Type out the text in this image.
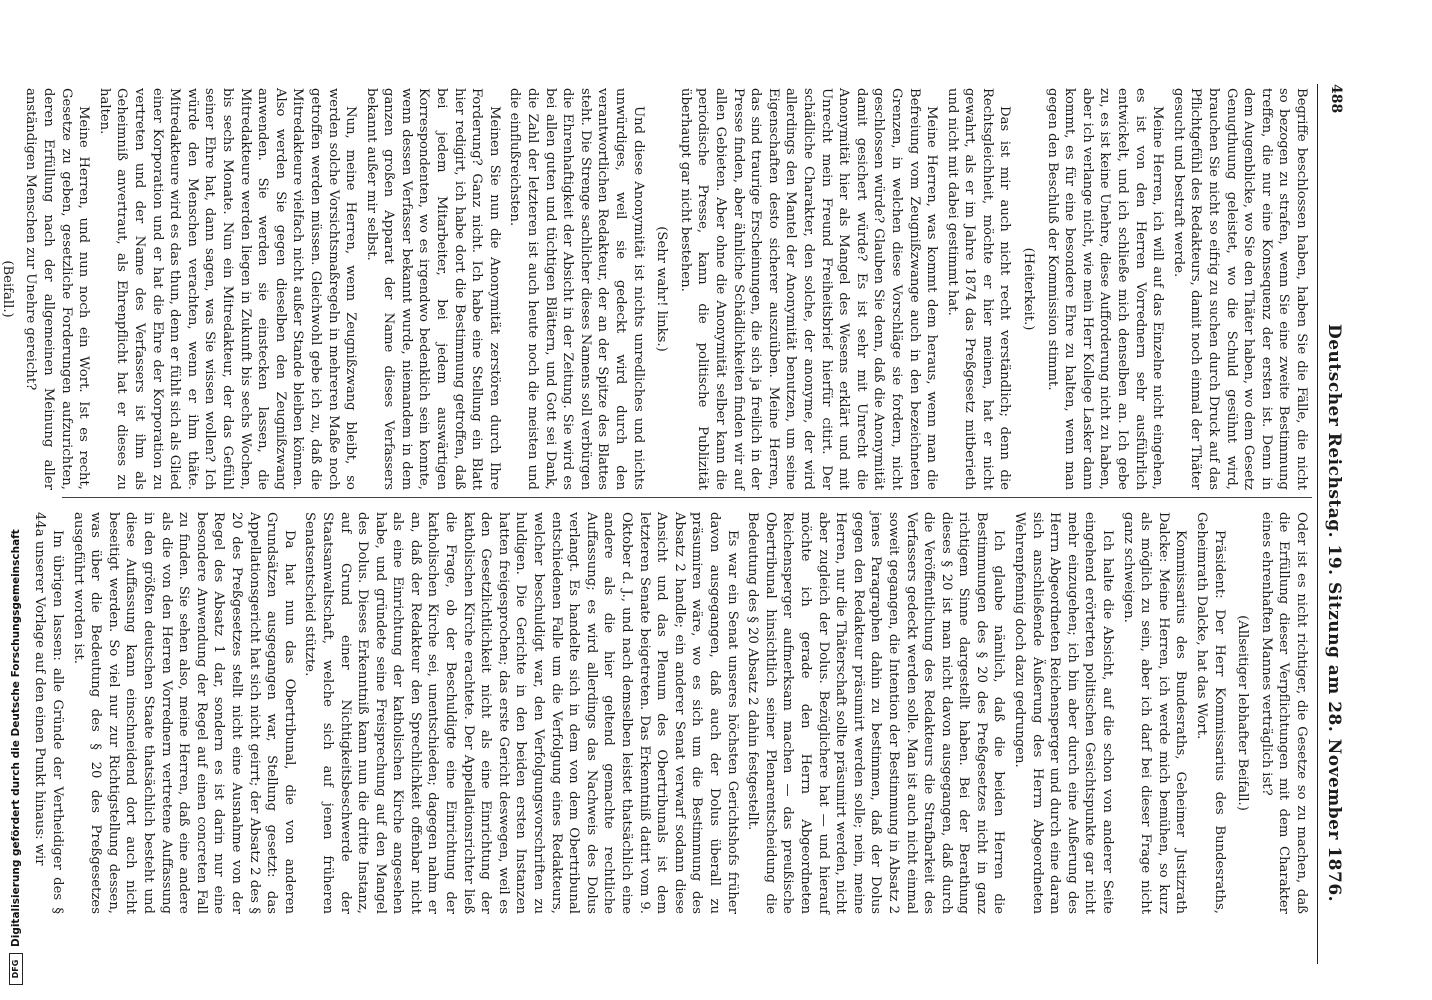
488
Deutscher Reichstag. 19. Sitzung am 28. November 1876.

Begriffe beschlossen haben, haben Sie die Fälle, die nicht so bezogen zu strafen, wenn Sie eine zweite Bestimmung treffen, die nur eine Konsequenz der ersten ist. Denn in dem Augenblicke, wo Sie den Thäter haben, wo dem Gesetz Genugthuung geleistet, wo die Schuld gesühnt wird, brauchen Sie nicht so eifrig zu suchen durch Druck auf das Pflichtgefühl des Redakteurs, damit noch einmal der Thäter gesucht und bestraft werde.

Meine Herren, ich will auf das Einzelne nicht eingehen, es ist von den Herren Vorrednern sehr ausführlich entwickelt, und ich schließe mich denselben an. Ich gebe zu, es ist keine Unehre, diese Aufforderung nicht zu haben, aber ich verlange nicht, wie mein Herr Kollege Lasker dann kommt, es für eine besondere Ehre zu halten, wenn man gegen den Beschluß der Kommission stimmt.

(Heiterkeit.)

Das ist mir auch nicht recht verständlich; denn die Rechtsgleichheit, möchte er hier meinen, hat er nicht gewahrt, als er im Jahre 1874 das Preßgesetz mitberieth und nicht mit dabei gestimmt hat.

Meine Herren, was kommt dem heraus, wenn man die Befreiung vom Zeugnißzwange auch in den bezeichneten Grenzen, in welchen diese Vorschläge sie fordern, nicht geschlossen würde? Glauben Sie denn, daß die Anonymität damit gesichert würde? Es ist sehr mit Unrecht die Anonymität hier als Mangel des Wesens erklärt und mit Unrecht mein Freund Freiheitsbrief hierfür citirt. Der schädliche Charakter, den solche, der anonyme, der wird allerdings den Mantel der Anonymität benutzen, um seine Eigenschaften desto sicherer auszuüben. Meine Herren, das sind traurige Erscheinungen, die sich ja freilich in der Presse finden, aber ähnliche Schädlichkeiten finden wir auf allen Gebieten. Aber ohne die Anonymität selber kann die periodische Presse, kann die politische Publizität überhaupt gar nicht bestehen.

(Sehr wahr! links.)

Und diese Anonymität ist nichts unredliches und nichts unwürdiges, weil sie gedeckt wird durch den verantwortlichen Redakteur, der an der Spitze des Blattes steht. Die Strenge sachlicher dieses Namens soll verbürgen die Ehrenhaftigkeit der Absicht in der Zeitung. Sie wird es bei allen guten und tüchtigen Blättern, und Gott sei Dank, die Zahl der letzteren ist auch heute noch die meisten und die einflußreichsten.

Meinen Sie nun die Anonymität zerstören durch Ihre Forderung? Ganz nicht. Ich habe eine Stellung ein Blatt hier redigirt, ich habe dort die Bestimmung getroffen, daß bei jedem Mitarbeiter, bei jedem auswärtigen Korrespondenten, wo es irgendwo bedenklich sein konnte, wenn dessen Verfasser bekannt wurde, niemandem in dem ganzen großen Apparat der Name dieses Verfassers bekannt außer mir selbst.

Nun, meine Herren, wenn Zeugnißzwang bleibt, so werden solche Vorsichtsmaßregeln in mehreren Maße noch getroffen werden müssen. Gleichwohl gebe ich zu, daß die Mitredakteure vielfach nicht außer Stande bleiben können. Also werden Sie gegen dieselben den Zeugnißzwang anwenden. Sie werden sie einstecken lassen, die Mitredakteure werden liegen in Zukunft bis sechs Wochen, bis sechs Monate. Nun ein Mitredakteur, der das Gefühl seiner Ehre hat, dann sagen, was Sie wissen wollen? Ich würde den Menschen verachten, wenn er ihm thäte. Mitredakteure wird es das thun, denn er fühlt sich als Glied einer Korporation und er hat die Ehre der Korporation zu vertreten und der Name des Verfassers ist ihm als Geheimniß anvertraut, als Ehrenpflicht hat er dieses zu halten.

Meine Herren, und nun noch ein Wort. Ist es recht, Gesetze zu geben, gesetzliche Forderungen aufzurichten, deren Erfüllung nach der allgemeinen Meinung aller anständigen Menschen zur Unehre gereicht?

(Beifall.)

Oder ist es nicht richtiger, die Gesetze so zu machen, daß die Erfüllung dieser Verpflichtungen mit dem Charakter eines ehrenhaften Mannes verträglich ist?

(Allseitiger lebhafter Beifall.)

Präsident: Der Herr Kommissarius des Bundesraths, Geheimrath Dalcke, hat das Wort.

Kommissarius des Bundesraths, Geheimer Justizrath Dalcke: Meine Herren, ich werde mich bemühen, so kurz als möglich zu sein, aber ich darf bei dieser Frage nicht ganz schweigen.

Ich halte die Absicht, auf die schon von anderer Seite eingehend erörterten politischen Gesichtspunkte gar nicht mehr einzugehen; ich bin aber durch eine Außerung des Herrn Abgeordneten Reichensperger und durch eine daran sich anschließende Äußerung des Herrn Abgeordneten Wehrenpfennig doch dazu gedrungen.

Ich glaube nämlich, daß die beiden Herren die Bestimmungen des § 20 des Preßgesetzes nicht in ganz richtigem Sinne dargestellt haben. Bei der Berathung dieses § 20 ist man nicht davon ausgegangen, daß durch die Veröffentlichung des Redakteurs die Strafbarkeit des Verfassers gedeckt werden solle. Man ist auch nicht einmal soweit gegangen, die Intention der Bestimmung in Absatz 2 jenes Paragraphen dahin zu bestimmen, daß der Dolus gegen den Redakteur präsumirt werden solle; nein, meine Herren, nur die Thäterschaft sollte präsumirt werden, nicht aber zugleich der Dolus. Bezüglichere hat — und hierauf möchte ich gerade den Herrn Abgeordneten Reichensperger aufmerksam machen — das preußische Obertribunal hinsichtlich seiner Plenarentscheidung die Bedeutung des § 20 Absatz 2 dahin festgestellt.

Es war ein Senat unseres höchsten Gerichtshofs früher davon ausgegangen, daß auch der Dolus überall zu präsumiren wäre, wo es sich um die Bestimmung des Absatz 2 handle; ein anderer Senat verwarf sodann diese Ansicht und das Plenum des Obertribunals ist dem letzteren Senate beigetreten. Das Erkenntniß datirt vom 9. Oktober d. J., und nach demselben leistet thatsächlich eine andere als die hier geltend gemachte rechtliche Auffassung; es wird allerdings das Nachweis des Dolus verlangt. Es handelte sich in dem von dem Obertribunal entschiedenen Falle um die Verfolgung eines Redakteurs, welcher beschuldigt war, den Verfolgungsvorschriften zu huldigen. Die Gerichte in den beiden ersten Instanzen hatten freigesprochen; das erste Gericht deswegen, weil es den Gesetzlichtlichkeit nicht als eine Einrichtung der katholischen Kirche erachtete. Der Appellationsrichter ließ die Frage, ob der Beschuldigte eine Einrichtung der katholischen Kirche sei, unentschieden; dagegen nahm er an, daß der Redakteur den Sprechlichkeit offenbar nicht als eine Einrichtung der katholischen Kirche angesehen habe, und gründete seine Freisprechung auf den Mangel des Dolus. Dieses Erkenntniß kann nun die dritte Instanz, auf Grund einer Nichtigkeitsbeschwerde der Staatsanwaltschaft, welche sich auf jenen früheren Senatsentscheid stützte.

Da hat nun das Obertribunal, die von anderen Grundsätzen ausgegangen war, Stellung gesetzt: das Appellationsgericht hat sich nicht geirrt; der Absatz 2 des § 20 des Preßgesetzes stellt nicht eine Ausnahme von der Regel des Absatz 1 dar, sondern es ist darin nur eine besondere Anwendung der Regel auf einen concreten Fall zu finden. Sie sehen also, meine Herren, daß eine andere als die von den Herren Vorrednern vertretene Auffassung in den größten deutschen Staate thatsächlich besteht und diese Auffassung kann einschneidend dort auch nicht beseitigt werden. So viel nur zur Richtigstellung dessen, was über die Bedeutung des § 20 des Preßgesetzes ausgeführt worden ist.

Im übrigen lassen: alle Gründe der Vertheidiger des § 44a unserer Vorlage auf den einen Punkt hinaus: wir

DFGDigitalisierung gefördert durch die Deutsche Forschungsgemeinschaft
